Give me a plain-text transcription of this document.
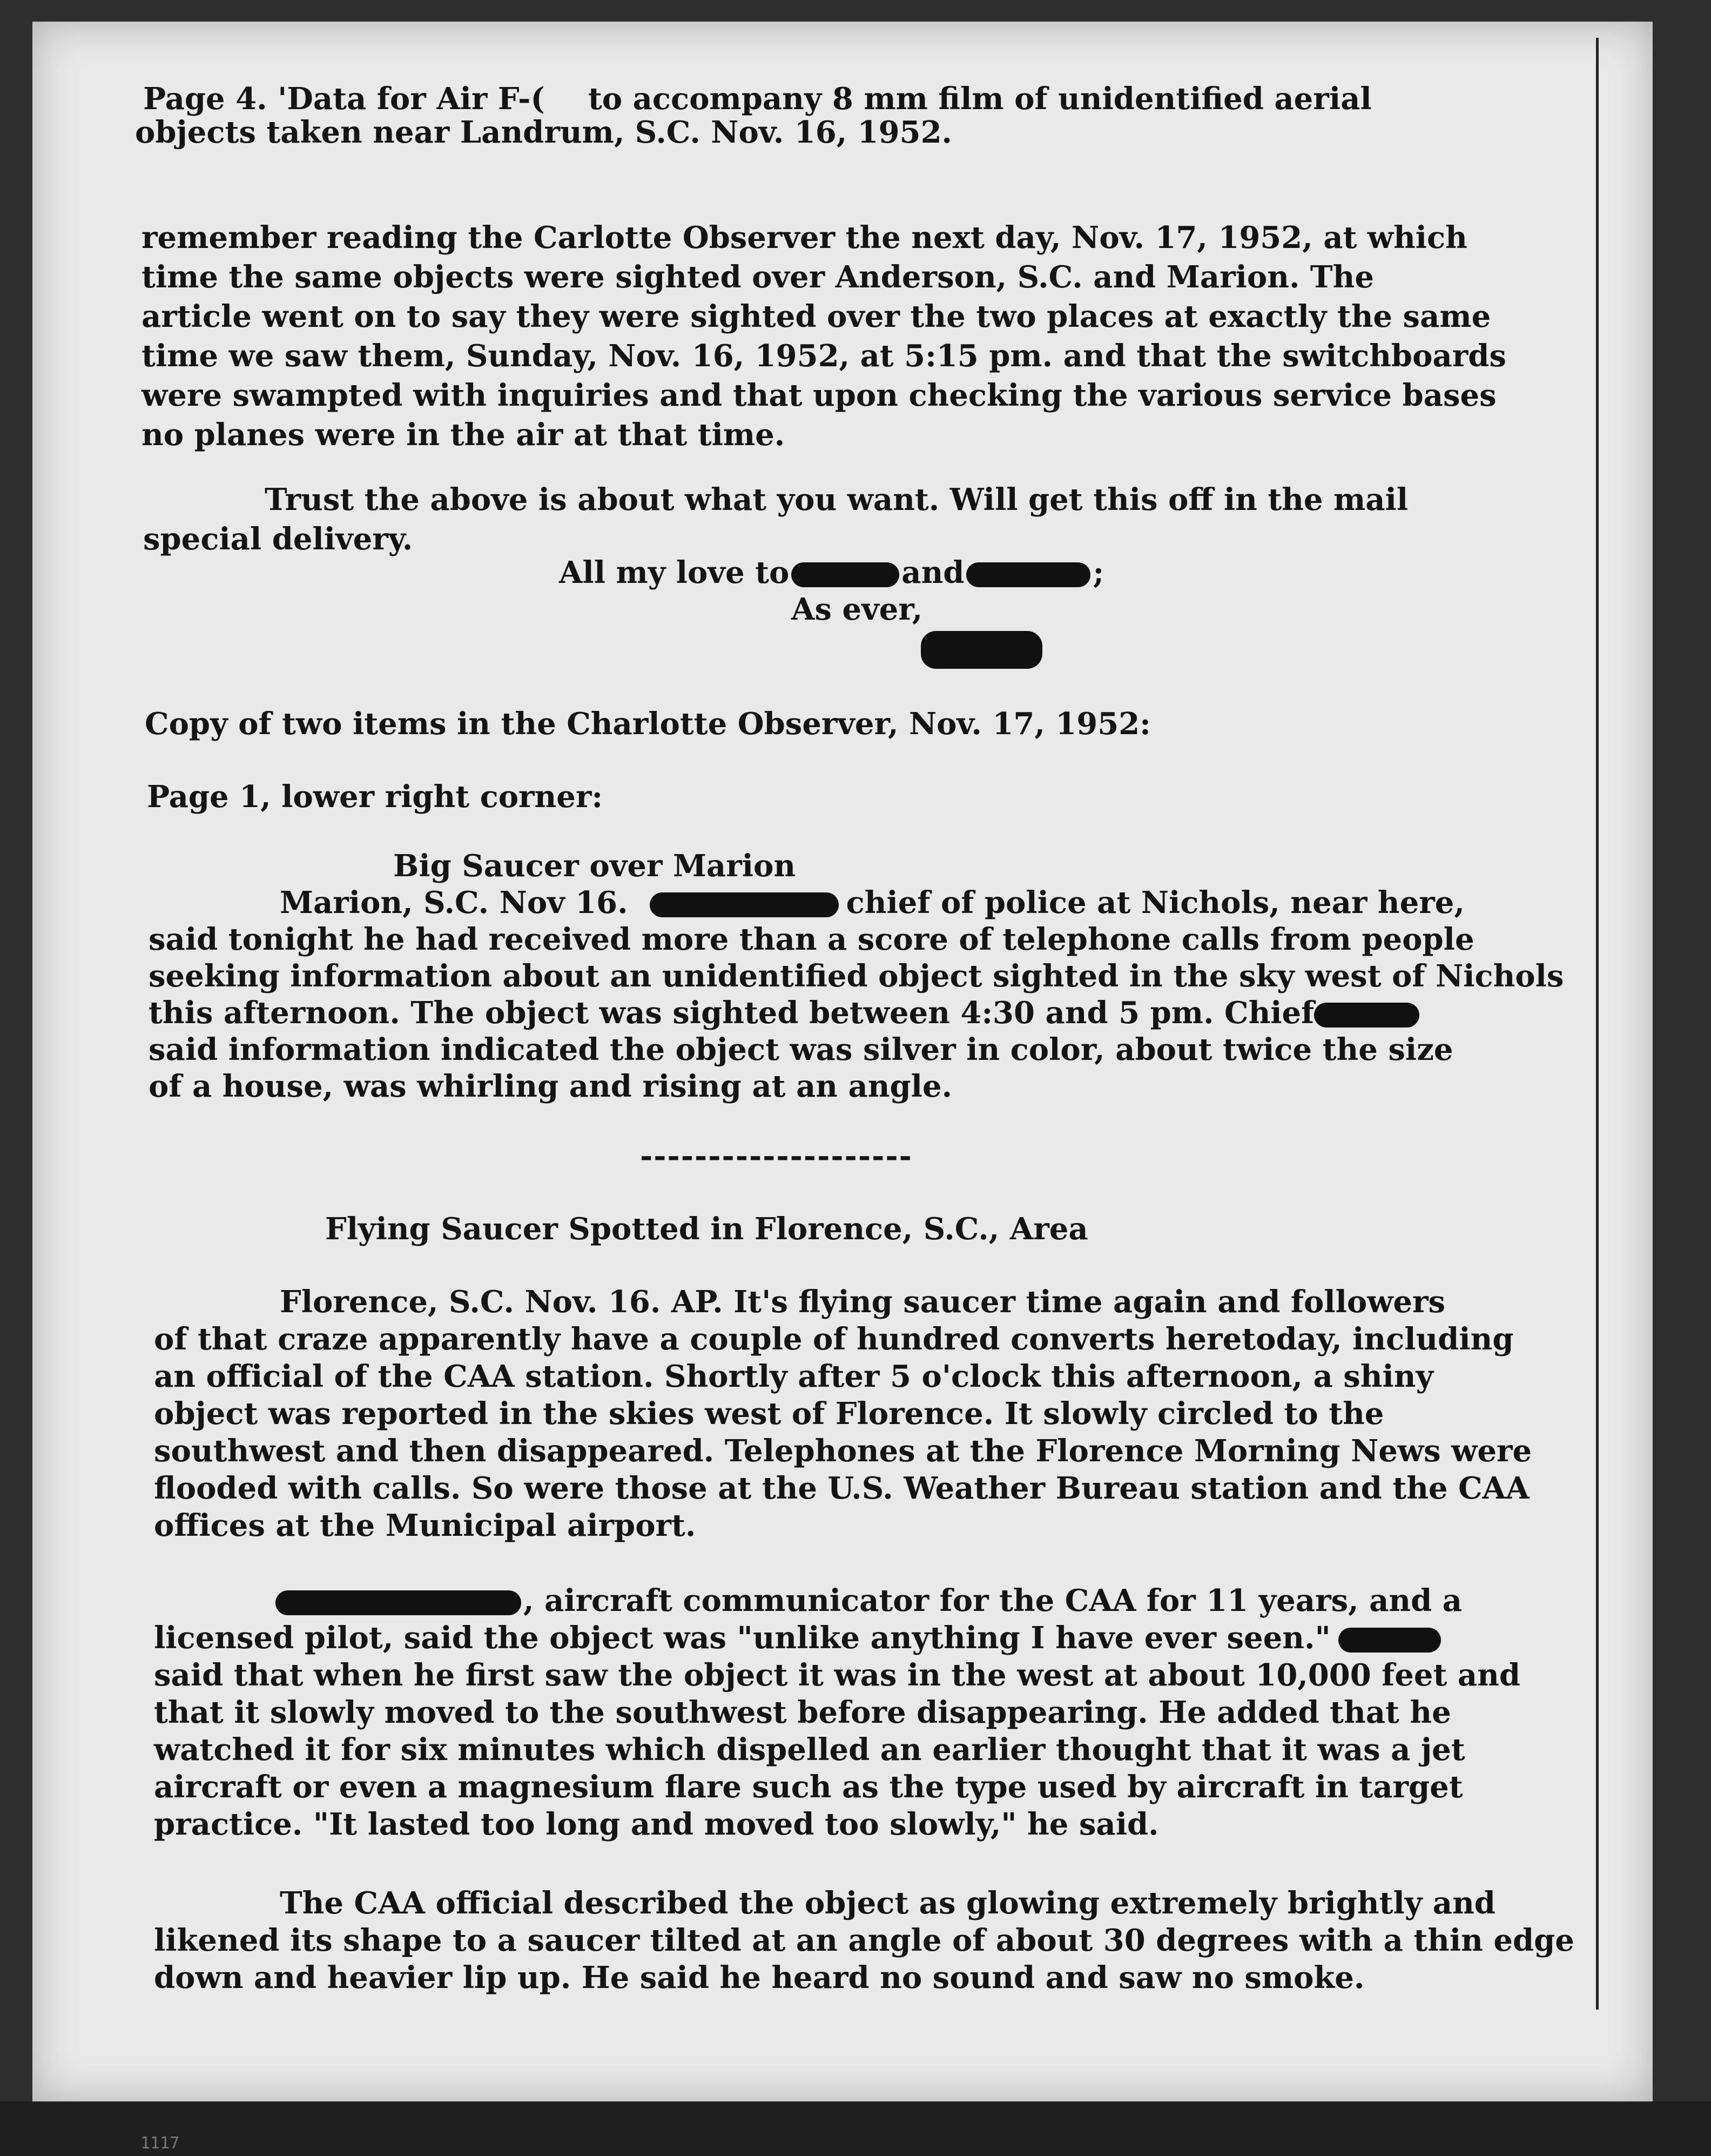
1117
Page 4. 'Data for Air F-( to accompany 8 mm film of unidentified aerial
objects taken near Landrum, S.C. Nov. 16, 1952.
remember reading the Carlotte Observer the next day, Nov. 17, 1952, at which
time the same objects were sighted over Anderson, S.C. and Marion. The
article went on to say they were sighted over the two places at exactly the same
time we saw them, Sunday, Nov. 16, 1952, at 5:15 pm. and that the switchboards
were swampted with inquiries and that upon checking the various service bases
no planes were in the air at that time.
Trust the above is about what you want. Will get this off in the mail
special delivery.
All my love to	and	;
As ever,
Copy of two items in the Charlotte Observer, Nov. 17, 1952:
Page 1, lower right corner:
Big Saucer over Marion
Marion, S.C. Nov 16.	chief of police at Nichols, near here,
said tonight he had received more than a score of telephone calls from people
seeking information about an unidentified object sighted in the sky west of Nichols
this afternoon. The object was sighted between 4:30 and 5 pm. Chief
said information indicated the object was silver in color, about twice the size
of a house, was whirling and rising at an angle.
--------------------
Flying Saucer Spotted in Florence, S.C., Area
Florence, S.C. Nov. 16. AP. It's flying saucer time again and followers
of that craze apparently have a couple of hundred converts heretoday, including
an official of the CAA station. Shortly after 5 o'clock this afternoon, a shiny
object was reported in the skies west of Florence. It slowly circled to the
southwest and then disappeared. Telephones at the Florence Morning News were
flooded with calls. So were those at the U.S. Weather Bureau station and the CAA
offices at the Municipal airport.
, aircraft communicator for the CAA for 11 years, and a
licensed pilot, said the object was "unlike anything I have ever seen."
said that when he first saw the object it was in the west at about 10,000 feet and
that it slowly moved to the southwest before disappearing. He added that he
watched it for six minutes which dispelled an earlier thought that it was a jet
aircraft or even a magnesium flare such as the type used by aircraft in target
practice. "It lasted too long and moved too slowly," he said.
The CAA official described the object as glowing extremely brightly and
likened its shape to a saucer tilted at an angle of about 30 degrees with a thin edge
down and heavier lip up. He said he heard no sound and saw no smoke.
